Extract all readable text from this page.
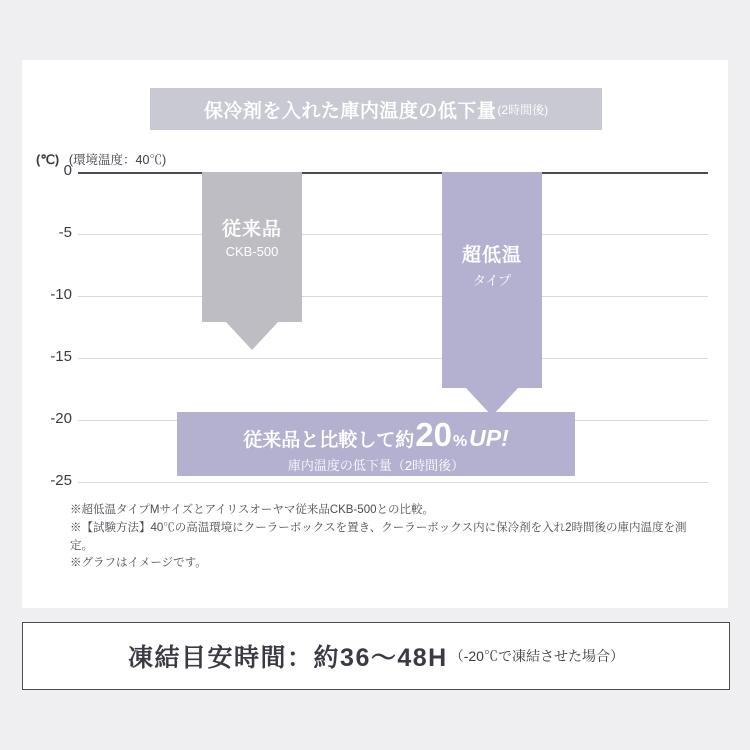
保冷剤を入れた庫内温度の低下量 (2時間後)
(℃) (環境温度：40℃)
0
-5
-10
-15
-20
-25
従来品
CKB-500	超低温
タイプ
従来品と比較して約 20 % UP!
庫内温度の低下量（2時間後）
※超低温タイプMサイズとアイリスオーヤマ従来品CKB-500との比較。
※【試験方法】40℃の高温環境にクーラーボックスを置き、クーラーボックス内に保冷剤を入れ2時間後の庫内温度を測定。
※グラフはイメージです。
凍結目安時間：約36〜48H （-20℃で凍結させた場合）
